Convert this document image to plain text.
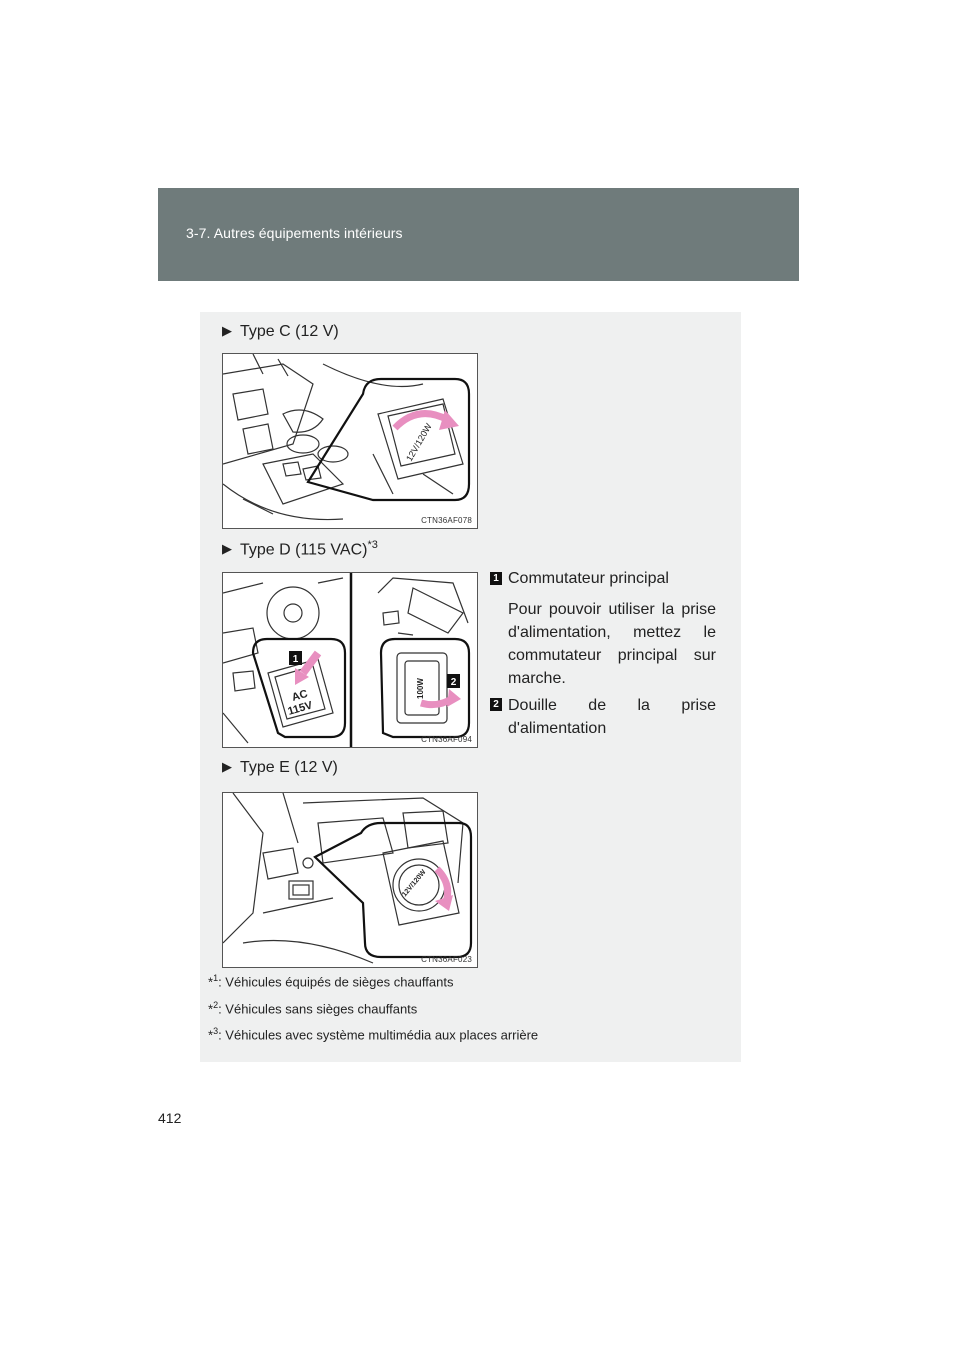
3-7. Autres équipements intérieurs
▶ Type C (12 V)
12V/120W
CTN36AF078
▶ Type D (115 VAC)$^{*3}$
1
2
AC
115V
100W
CTN36AF094
1 Commutateur principal
Pour pouvoir utiliser la prise d'alimentation, mettez le commutateur principal sur marche.
2 Douille de la prise d'alimentation
▶ Type E (12 V)
12V/120W
CTN36AF023
*$^1$: Véhicules équipés de sièges chauffants
*$^2$: Véhicules sans sièges chauffants
*$^3$: Véhicules avec système multimédia aux places arrière
412
